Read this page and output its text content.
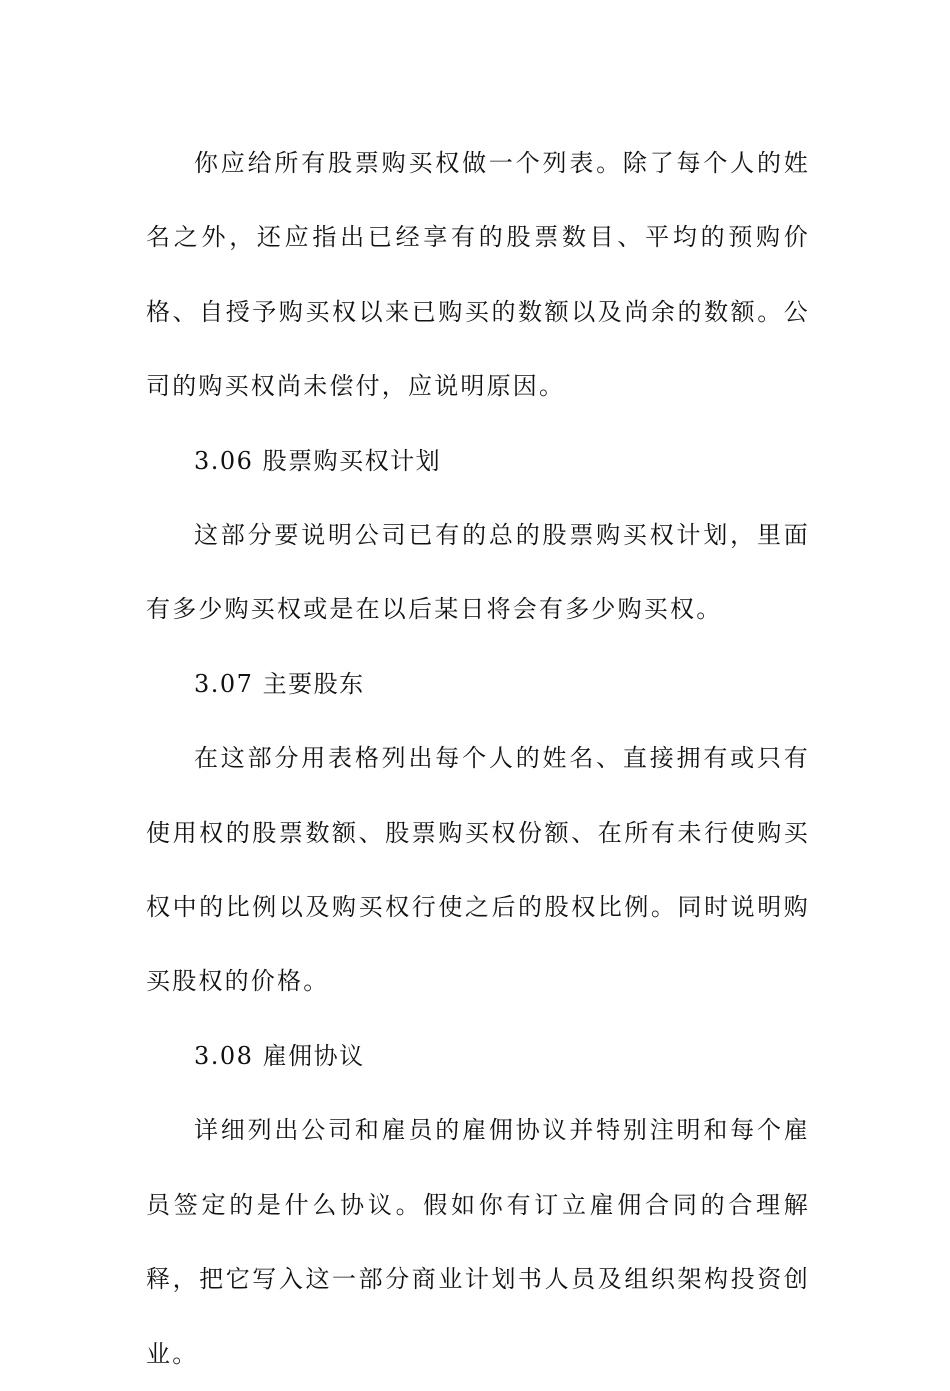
你应给所有股票购买权做一个列表。除了每个人的姓名之外，还应指出已经享有的股票数目、平均的预购价格、自授予购买权以来已购买的数额以及尚余的数额。公司的购买权尚未偿付，应说明原因。

3.06 股票购买权计划

这部分要说明公司已有的总的股票购买权计划，里面有多少购买权或是在以后某日将会有多少购买权。

3.07 主要股东

在这部分用表格列出每个人的姓名、直接拥有或只有使用权的股票数额、股票购买权份额、在所有未行使购买权中的比例以及购买权行使之后的股权比例。同时说明购买股权的价格。

3.08 雇佣协议

详细列出公司和雇员的雇佣协议并特别注明和每个雇员签定的是什么协议。假如你有订立雇佣合同的合理解释，把它写入这一部分商业计划书人员及组织架构投资创业。
